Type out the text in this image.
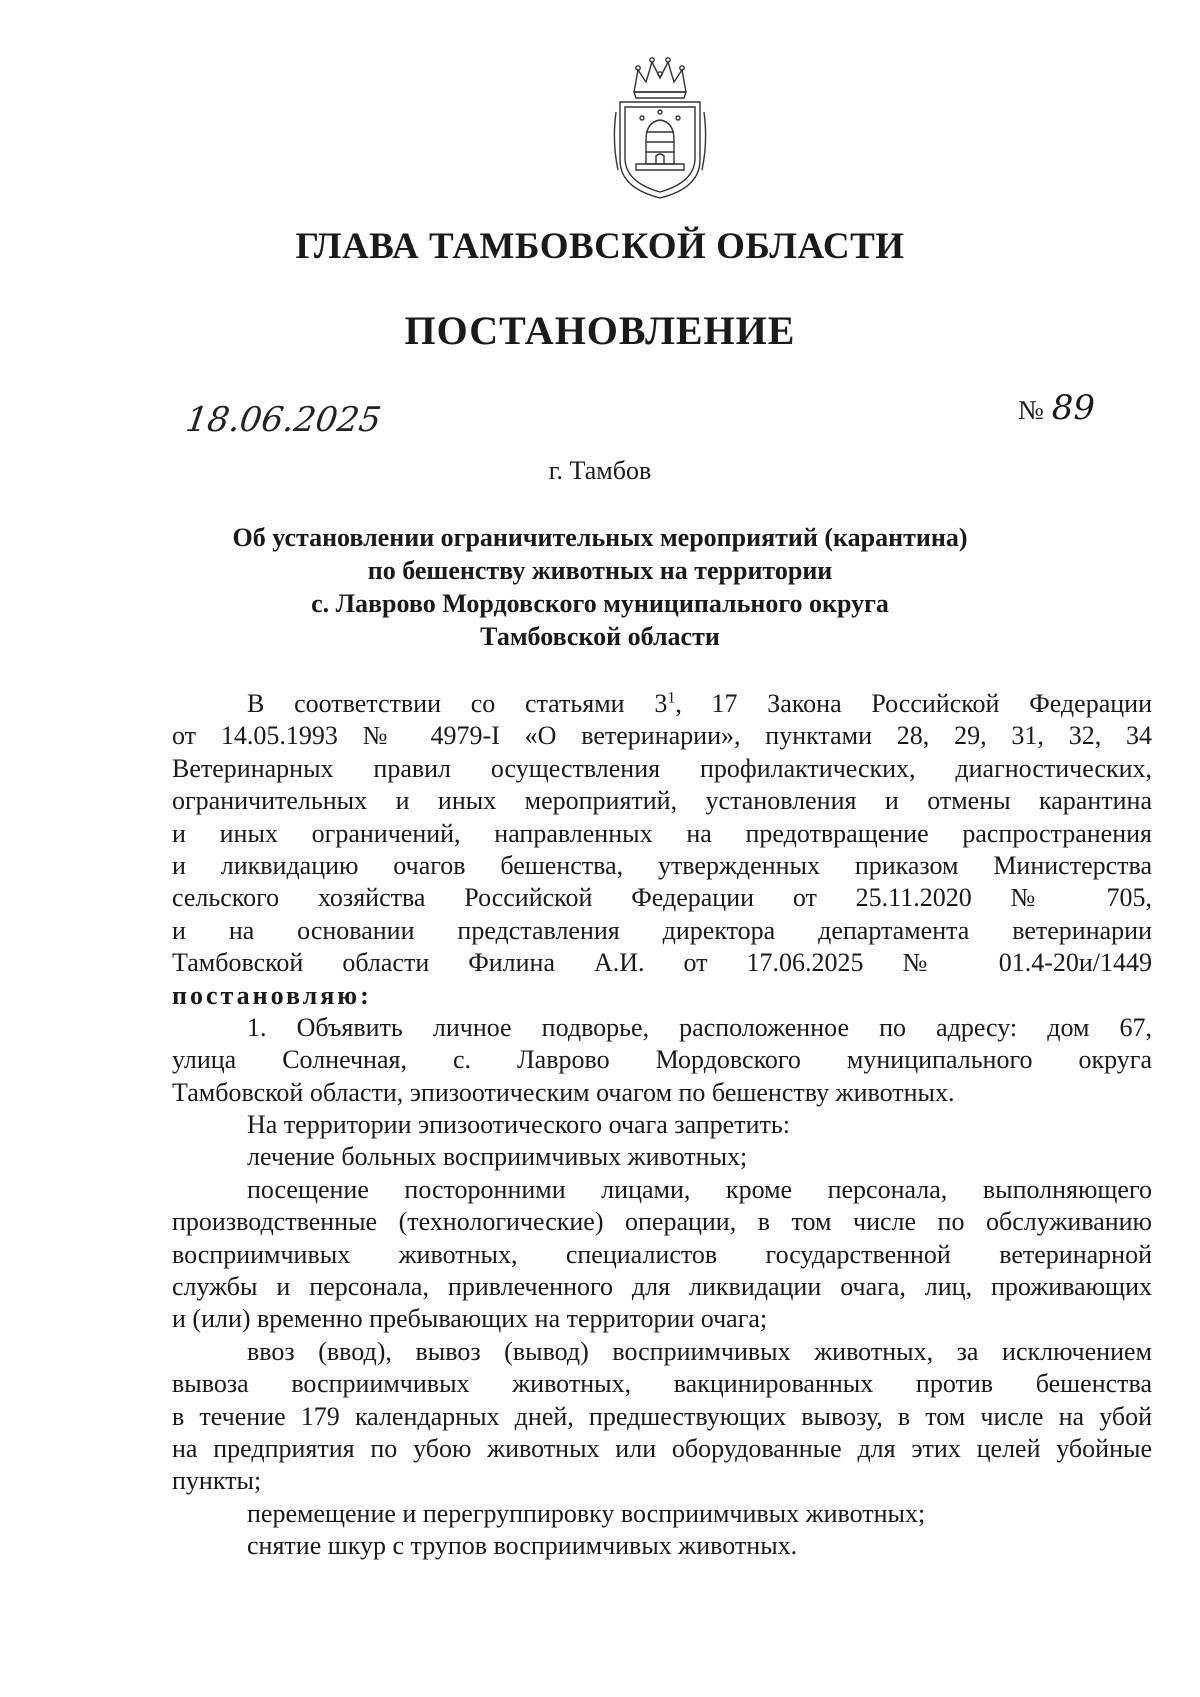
ГЛАВА ТАМБОВСКОЙ ОБЛАСТИ
ПОСТАНОВЛЕНИЕ
18.06.2025	№ 89
г. Тамбов
Об установлении ограничительных мероприятий (карантина)
по бешенству животных на территории
с. Лаврово Мордовского муниципального округа
Тамбовской области
В соответствии со статьями $3^1$, 17 Закона Российской Федерации
от 14.05.1993 № 4979-I «О ветеринарии», пунктами 28, 29, 31, 32, 34
Ветеринарных правил осуществления профилактических, диагностических,
ограничительных и иных мероприятий, установления и отмены карантина
и иных ограничений, направленных на предотвращение распространения
и ликвидацию очагов бешенства, утвержденных приказом Министерства
сельского хозяйства Российской Федерации от 25.11.2020 № 705,
и на основании представления директора департамента ветеринарии
Тамбовской области Филина А.И. от 17.06.2025 № 01.4-20и/1449
постановляю:
1. Объявить личное подворье, расположенное по адресу: дом 67,
улица Солнечная, с. Лаврово Мордовского муниципального округа
Тамбовской области, эпизоотическим очагом по бешенству животных.
На территории эпизоотического очага запретить:
лечение больных восприимчивых животных;
посещение посторонними лицами, кроме персонала, выполняющего
производственные (технологические) операции, в том числе по обслуживанию
восприимчивых животных, специалистов государственной ветеринарной
службы и персонала, привлеченного для ликвидации очага, лиц, проживающих
и (или) временно пребывающих на территории очага;
ввоз (ввод), вывоз (вывод) восприимчивых животных, за исключением
вывоза восприимчивых животных, вакцинированных против бешенства
в течение 179 календарных дней, предшествующих вывозу, в том числе на убой
на предприятия по убою животных или оборудованные для этих целей убойные
пункты;
перемещение и перегруппировку восприимчивых животных;
снятие шкур с трупов восприимчивых животных.
